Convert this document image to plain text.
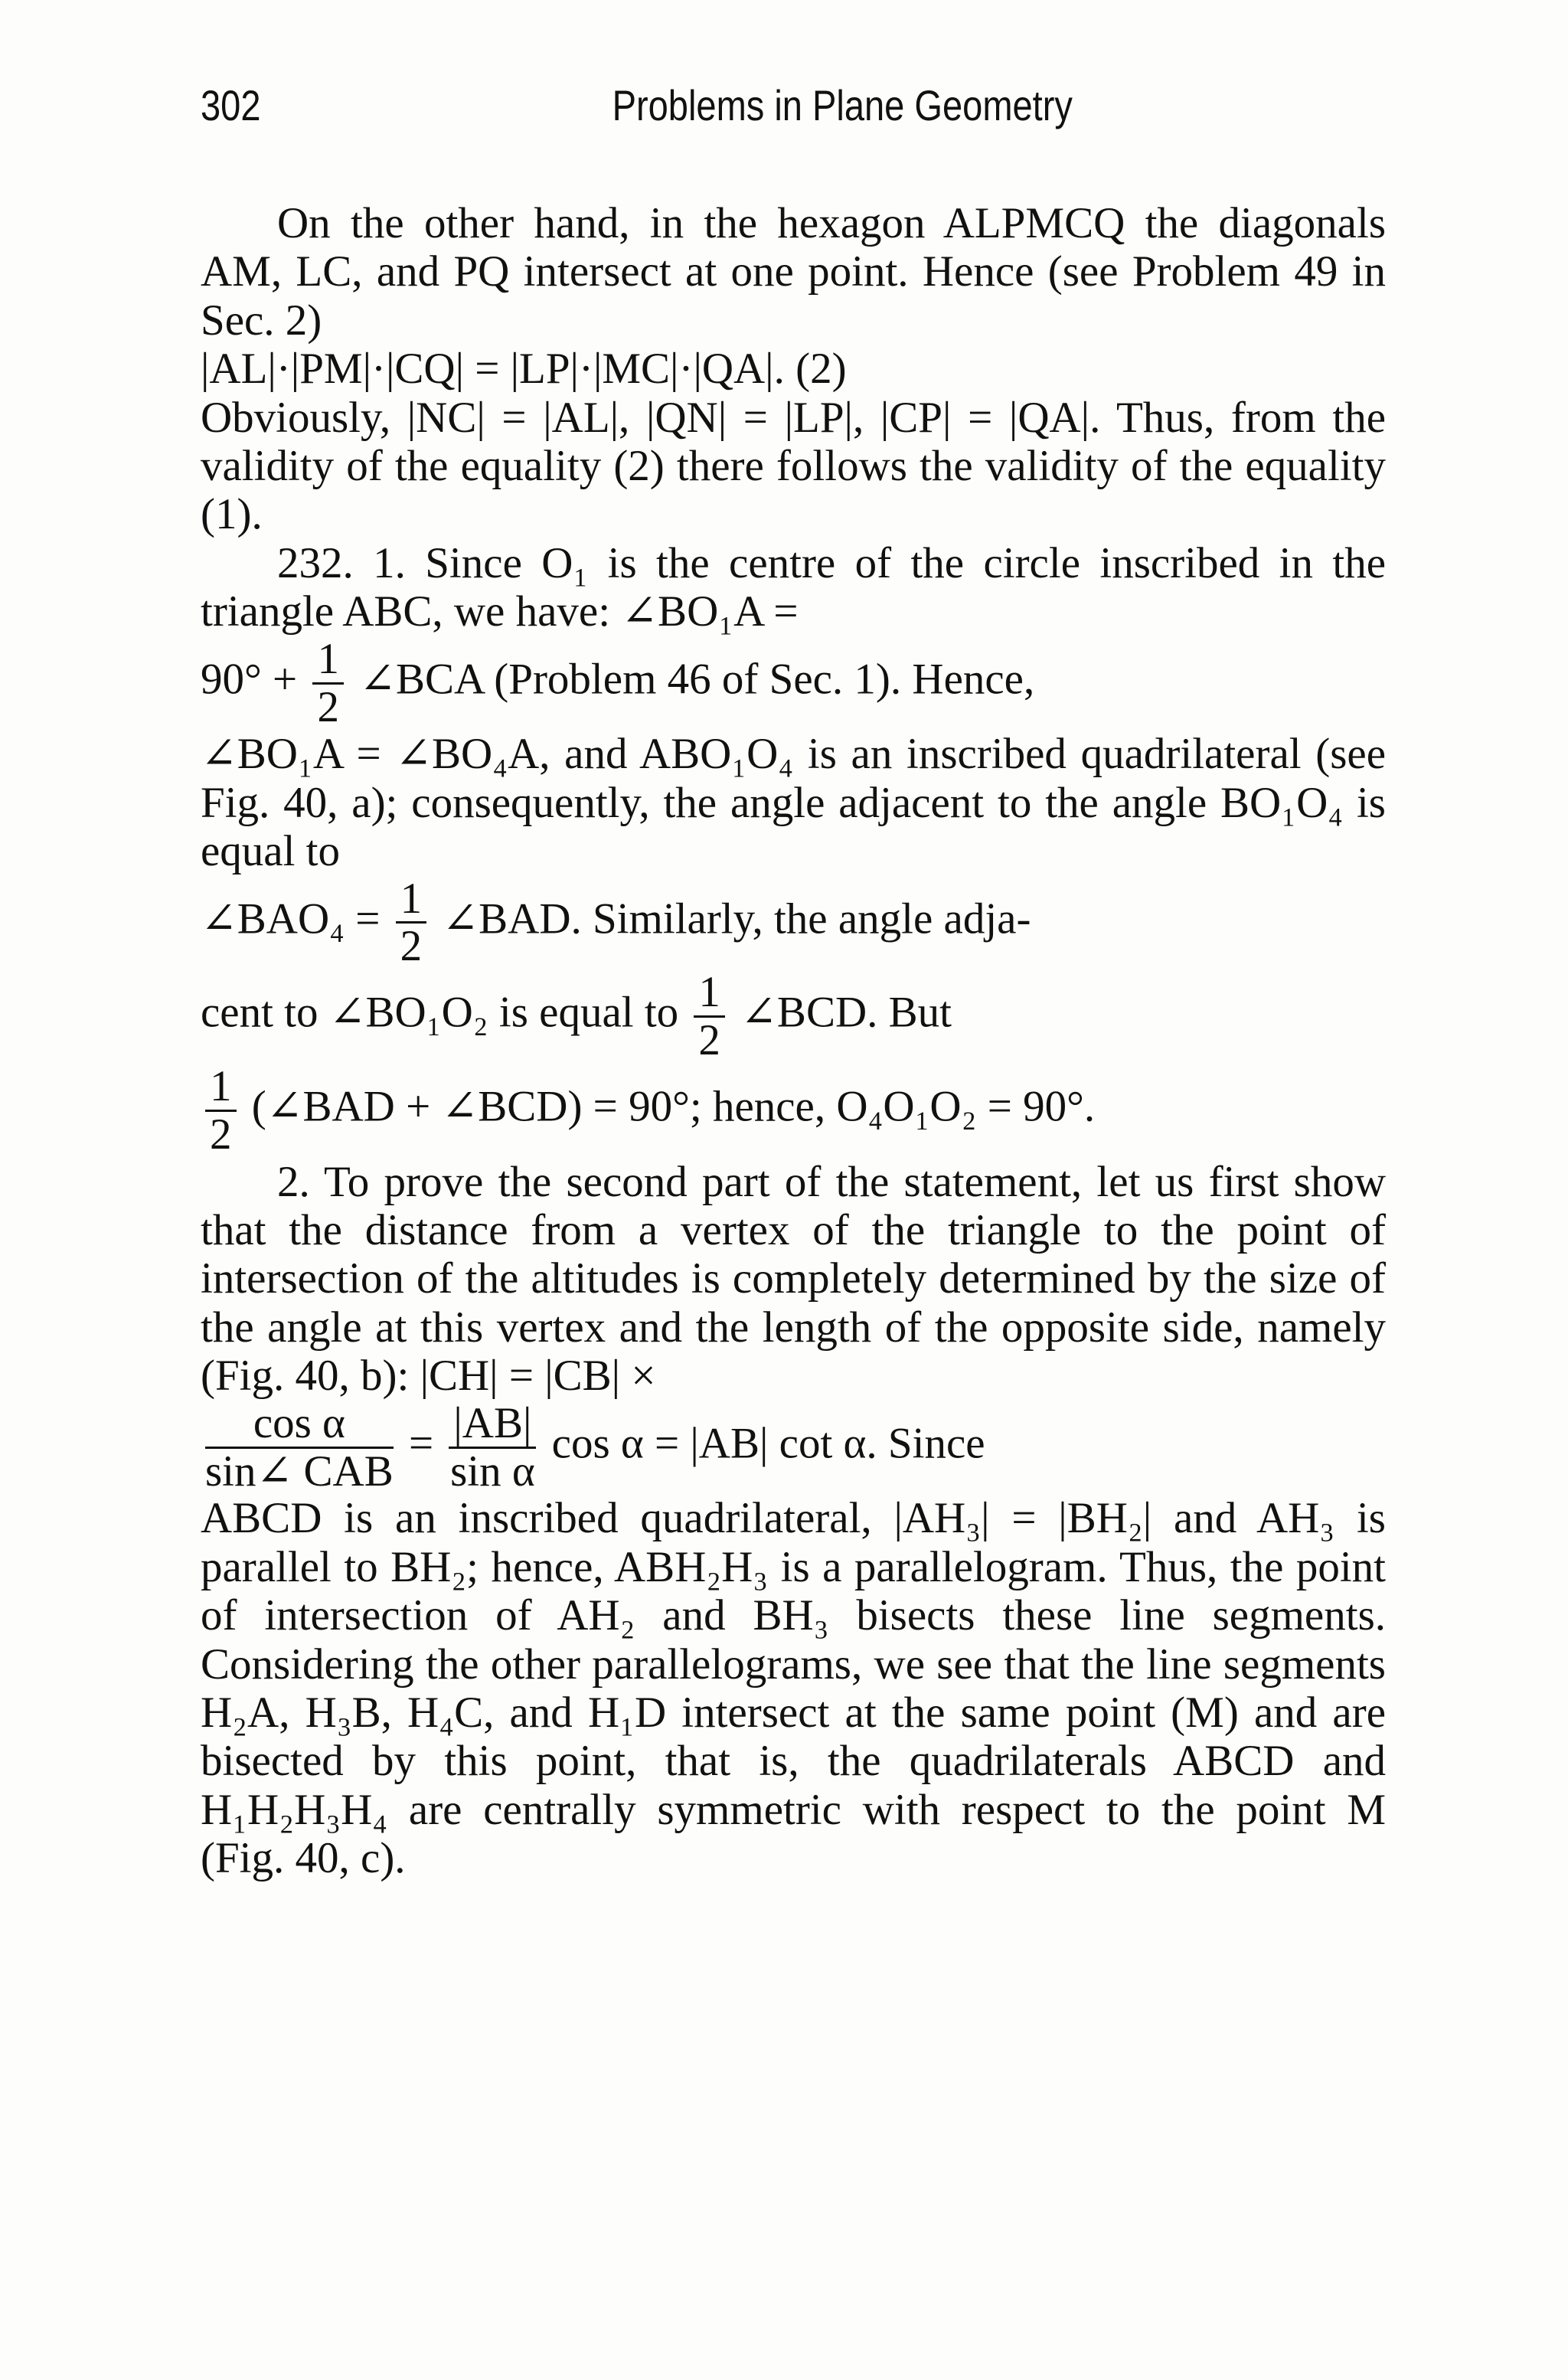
302	Problems in Plane Geometry

On the other hand, in the hexagon ALPMCQ the diagonals AM, LC, and PQ intersect at one point. Hence (see Problem 49 in Sec. 2)

|AL|·|PM|·|CQ| = |LP|·|MC|·|QA|. (2)

Obviously, |NC| = |AL|, |QN| = |LP|, |CP| = |QA|. Thus, from the validity of the equality (2) there follows the validity of the equality (1).

232. 1. Since O₁ is the centre of the circle inscribed in the triangle ABC, we have: ∠BO₁A =

$90^\circ + \frac{1}{2}$ ∠BCA (Problem 46 of Sec. 1). Hence,

∠BO₁A = ∠BO₄A, and ABO₁O₄ is an inscribed quadrilateral (see Fig. 40, a); consequently, the angle adjacent to the angle BO₁O₄ is equal to

∠BAO₄ = $\frac{1}{2}$ ∠BAD. Similarly, the angle adja-

cent to ∠BO₁O₂ is equal to $\frac{1}{2}$ ∠BCD. But

$\frac{1}{2}$ (∠BAD + ∠BCD) = 90°; hence, O₄O₁O₂ = 90°.

2. To prove the second part of the statement, let us first show that the distance from a vertex of the triangle to the point of intersection of the altitudes is completely determined by the size of the angle at this vertex and the length of the opposite side, namely (Fig. 40, b): |CH| = |CB| ×

$\frac{\text{cos α}}{\text{sin∠ CAB}} = \frac{|AB|}{\text{sin α}}$ cos α = |AB| cot α. Since

ABCD is an inscribed quadrilateral, |AH₃| = |BH₂| and AH₃ is parallel to BH₂; hence, ABH₂H₃ is a parallelogram. Thus, the point of intersection of AH₂ and BH₃ bisects these line segments. Considering the other parallelograms, we see that the line segments H₂A, H₃B, H₄C, and H₁D intersect at the same point (M) and are bisected by this point, that is, the quadrilaterals ABCD and H₁H₂H₃H₄ are centrally symmetric with respect to the point M (Fig. 40, c).
